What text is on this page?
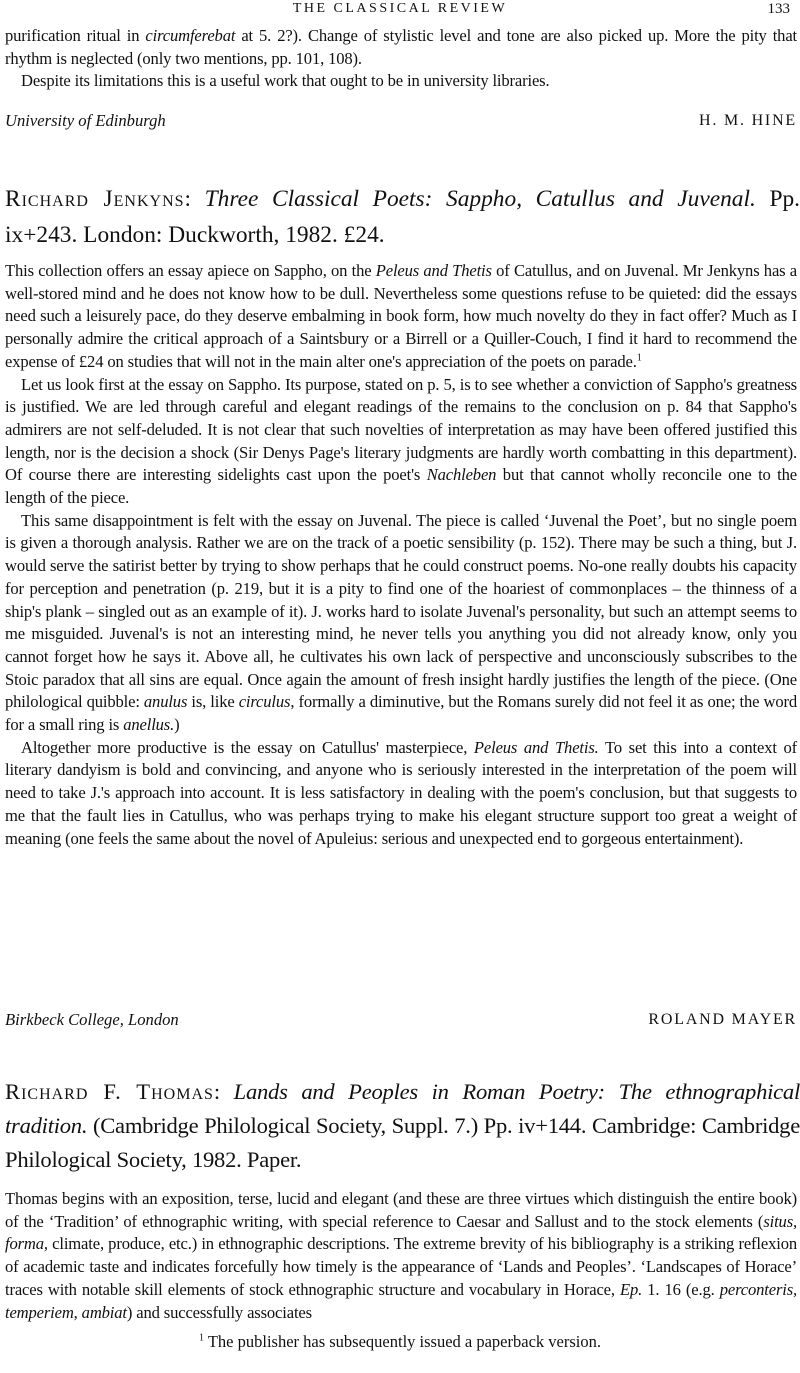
THE CLASSICAL REVIEW	133

purification ritual in circumferebat at 5. 2?). Change of stylistic level and tone are also picked up. More the pity that rhythm is neglected (only two mentions, pp. 101, 108).

Despite its limitations this is a useful work that ought to be in university libraries.

University of Edinburgh	H. M. HINE
Richard Jenkyns: Three Classical Poets: Sappho, Catullus and Juvenal. Pp. ix+243. London: Duckworth, 1982. £24.

This collection offers an essay apiece on Sappho, on the Peleus and Thetis of Catullus, and on Juvenal. Mr Jenkyns has a well-stored mind and he does not know how to be dull. Nevertheless some questions refuse to be quieted: did the essays need such a leisurely pace, do they deserve embalming in book form, how much novelty do they in fact offer? Much as I personally admire the critical approach of a Saintsbury or a Birrell or a Quiller-Couch, I find it hard to recommend the expense of £24 on studies that will not in the main alter one's appreciation of the poets on parade.$^1$

Let us look first at the essay on Sappho. Its purpose, stated on p. 5, is to see whether a conviction of Sappho's greatness is justified. We are led through careful and elegant readings of the remains to the conclusion on p. 84 that Sappho's admirers are not self-deluded. It is not clear that such novelties of interpretation as may have been offered justified this length, nor is the decision a shock (Sir Denys Page's literary judgments are hardly worth combatting in this department). Of course there are interesting sidelights cast upon the poet's Nachleben but that cannot wholly reconcile one to the length of the piece.

This same disappointment is felt with the essay on Juvenal. The piece is called ‘Juvenal the Poet’, but no single poem is given a thorough analysis. Rather we are on the track of a poetic sensibility (p. 152). There may be such a thing, but J. would serve the satirist better by trying to show perhaps that he could construct poems. No-one really doubts his capacity for perception and penetration (p. 219, but it is a pity to find one of the hoariest of commonplaces – the thinness of a ship's plank – singled out as an example of it). J. works hard to isolate Juvenal's personality, but such an attempt seems to me misguided. Juvenal's is not an interesting mind, he never tells you anything you did not already know, only you cannot forget how he says it. Above all, he cultivates his own lack of perspective and unconsciously subscribes to the Stoic paradox that all sins are equal. Once again the amount of fresh insight hardly justifies the length of the piece. (One philological quibble: anulus is, like circulus, formally a diminutive, but the Romans surely did not feel it as one; the word for a small ring is anellus.)

Altogether more productive is the essay on Catullus' masterpiece, Peleus and Thetis. To set this into a context of literary dandyism is bold and convincing, and anyone who is seriously interested in the interpretation of the poem will need to take J.'s approach into account. It is less satisfactory in dealing with the poem's conclusion, but that suggests to me that the fault lies in Catullus, who was perhaps trying to make his elegant structure support too great a weight of meaning (one feels the same about the novel of Apuleius: serious and unexpected end to gorgeous entertainment).

Birkbeck College, London	ROLAND MAYER
Richard F. Thomas: Lands and Peoples in Roman Poetry: The ethnographical tradition. (Cambridge Philological Society, Suppl. 7.) Pp. iv+144. Cambridge: Cambridge Philological Society, 1982. Paper.

Thomas begins with an exposition, terse, lucid and elegant (and these are three virtues which distinguish the entire book) of the ‘Tradition’ of ethnographic writing, with special reference to Caesar and Sallust and to the stock elements (situs, forma, climate, produce, etc.) in ethnographic descriptions. The extreme brevity of his bibliography is a striking reflexion of academic taste and indicates forcefully how timely is the appearance of ‘Lands and Peoples’. ‘Landscapes of Horace’ traces with notable skill elements of stock ethnographic structure and vocabulary in Horace, Ep. 1. 16 (e.g. perconteris, temperiem, ambiat) and successfully associates

$^1$ The publisher has subsequently issued a paperback version.
